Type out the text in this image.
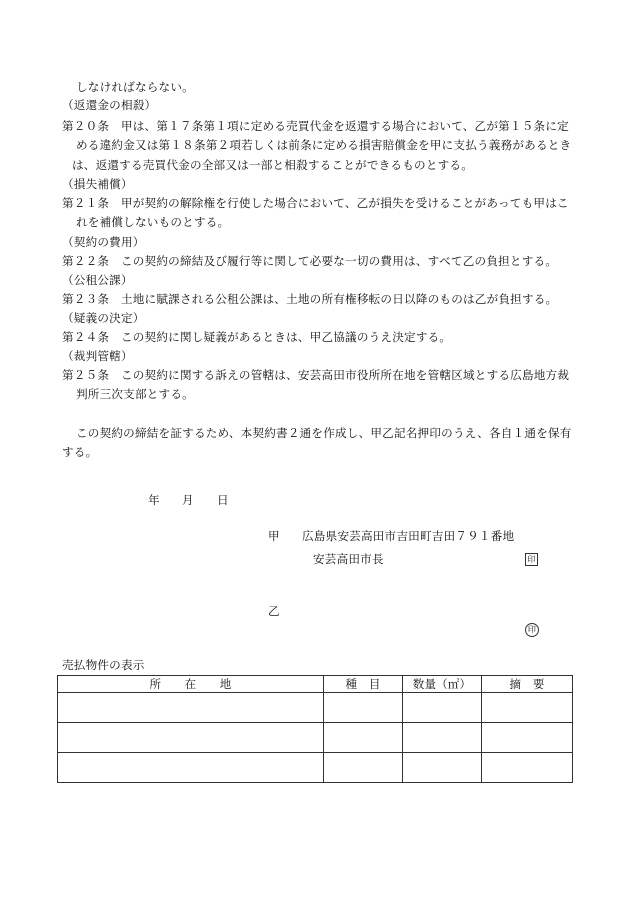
しなければならない。
（返還金の相殺）
第２０条　甲は、第１７条第１項に定める売買代金を返還する場合において、乙が第１５条に定
める違約金又は第１８条第２項若しくは前条に定める損害賠償金を甲に支払う義務があるとき
は、返還する売買代金の全部又は一部と相殺することができるものとする。
（損失補償）
第２１条　甲が契約の解除権を行使した場合において、乙が損失を受けることがあっても甲はこ
れを補償しないものとする。
（契約の費用）
第２２条　この契約の締結及び履行等に関して必要な一切の費用は、すべて乙の負担とする。
（公租公課）
第２３条　土地に賦課される公租公課は、土地の所有権移転の日以降のものは乙が負担する。
（疑義の決定）
第２４条　この契約に関し疑義があるときは、甲乙協議のうえ決定する。
（裁判管轄）
第２５条　この契約に関する訴えの管轄は、安芸高田市役所所在地を管轄区域とする広島地方裁
判所三次支部とする。
この契約の締結を証するため、本契約書２通を作成し、甲乙記名押印のうえ、各自１通を保有
する。
年 月 日
甲 広島県安芸高田市吉田町吉田７９１番地
安芸高田市長	印
乙
印
売払物件の表示
所　　在　　地	種　目	数量（㎡）	摘　要
